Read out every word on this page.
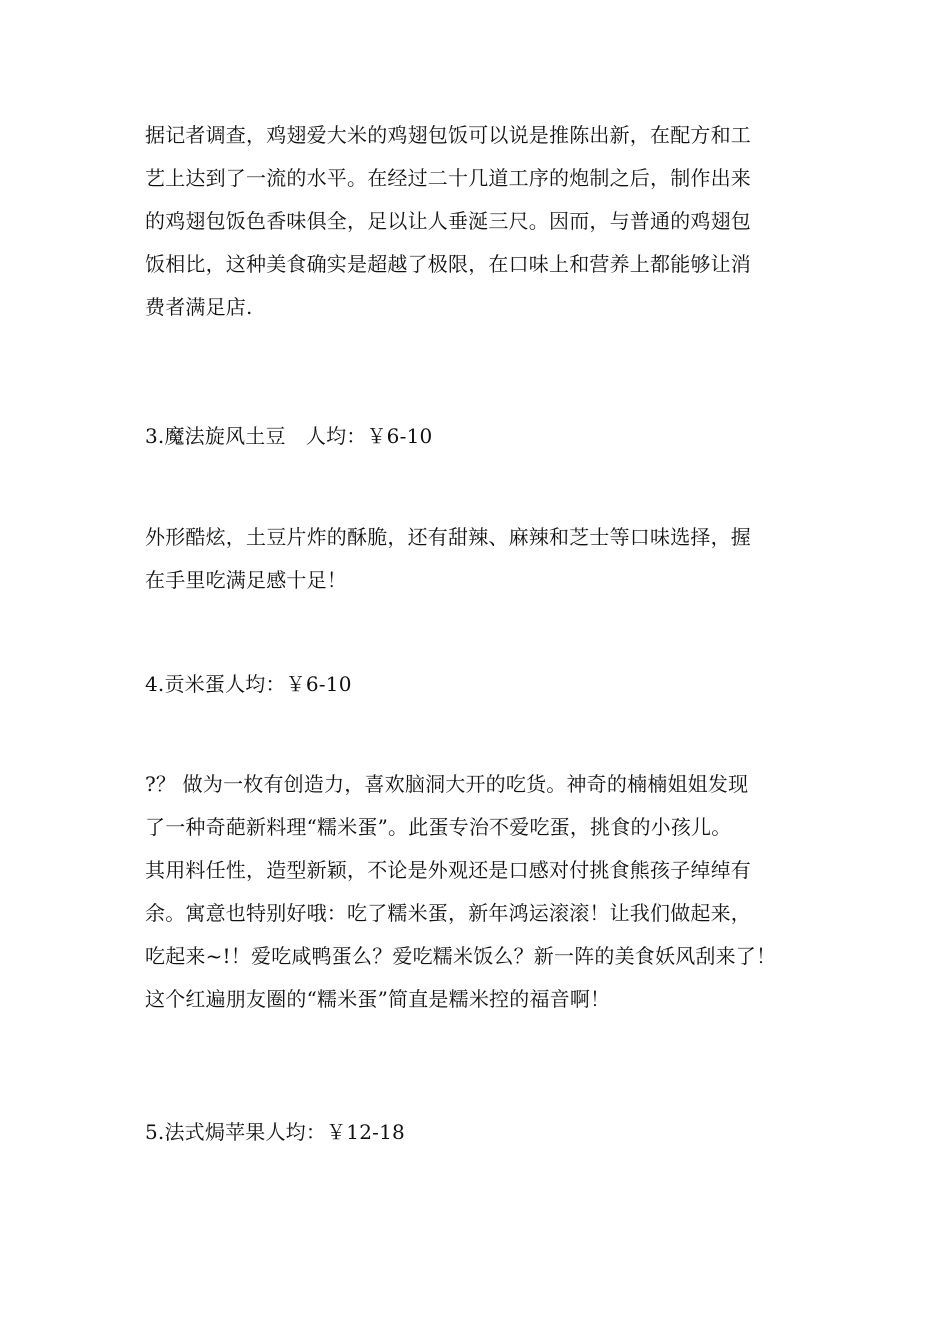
据记者调查，鸡翅爱大米的鸡翅包饭可以说是推陈出新，在配方和工
艺上达到了一流的水平。在经过二十几道工序的炮制之后，制作出来
的鸡翅包饭色香味俱全，足以让人垂涎三尺。因而，与普通的鸡翅包
饭相比，这种美食确实是超越了极限，在口味上和营养上都能够让消
费者满足店.
3.魔法旋风土豆　人均：￥6-10
外形酷炫，土豆片炸的酥脆，还有甜辣、麻辣和芝士等口味选择，握
在手里吃满足感十足！
4.贡米蛋人均：￥6-10
?？ 做为一枚有创造力，喜欢脑洞大开的吃货。神奇的楠楠姐姐发现
了一种奇葩新料理“糯米蛋”。此蛋专治不爱吃蛋，挑食的小孩儿。
其用料任性，造型新颖，不论是外观还是口感对付挑食熊孩子绰绰有
余。寓意也特别好哦：吃了糯米蛋，新年鸿运滚滚！让我们做起来，
吃起来~!！爱吃咸鸭蛋么？爱吃糯米饭么？新一阵的美食妖风刮来了！
这个红遍朋友圈的“糯米蛋”简直是糯米控的福音啊！
5.法式焗苹果人均：￥12-18
